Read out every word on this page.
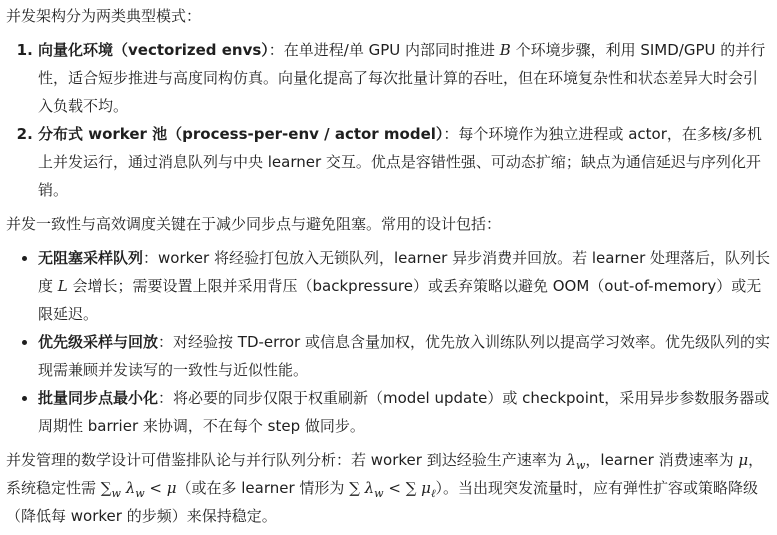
并发架构分为两类典型模式：

1. 向量化环境（vectorized envs）：在单进程/单 GPU 内部同时推进 B 个环境步骤，利用 SIMD/GPU 的并行性，适合短步推进与高度同构仿真。向量化提高了每次批量计算的吞吐，但在环境复杂性和状态差异大时会引入负载不均。
2. 分布式 worker 池（process-per-env / actor model）：每个环境作为独立进程或 actor，在多核/多机上并发运行，通过消息队列与中央 learner 交互。优点是容错性强、可动态扩缩；缺点为通信延迟与序列化开销。

并发一致性与高效调度关键在于减少同步点与避免阻塞。常用的设计包括：

• 无阻塞采样队列：worker 将经验打包放入无锁队列，learner 异步消费并回放。若 learner 处理落后，队列长度 L 会增长；需要设置上限并采用背压（backpressure）或丢弃策略以避免 OOM（out-of-memory）或无限延迟。
• 优先级采样与回放：对经验按 TD-error 或信息含量加权，优先放入训练队列以提高学习效率。优先级队列的实现需兼顾并发读写的一致性与近似性能。
• 批量同步点最小化：将必要的同步仅限于权重刷新（model update）或 checkpoint，采用异步参数服务器或周期性 barrier 来协调，不在每个 step 做同步。

并发管理的数学设计可借鉴排队论与并行队列分析：若 worker 到达经验生产速率为 $\lambda_w$，learner 消费速率为 μ，系统稳定性需 $\sum_w$ $\lambda_w < \mu$（或在多 learner 情形为 ∑ $\lambda_w$ < ∑ $\mu_\ell$）。当出现突发流量时，应有弹性扩容或策略降级（降低每 worker 的步频）来保持稳定。
